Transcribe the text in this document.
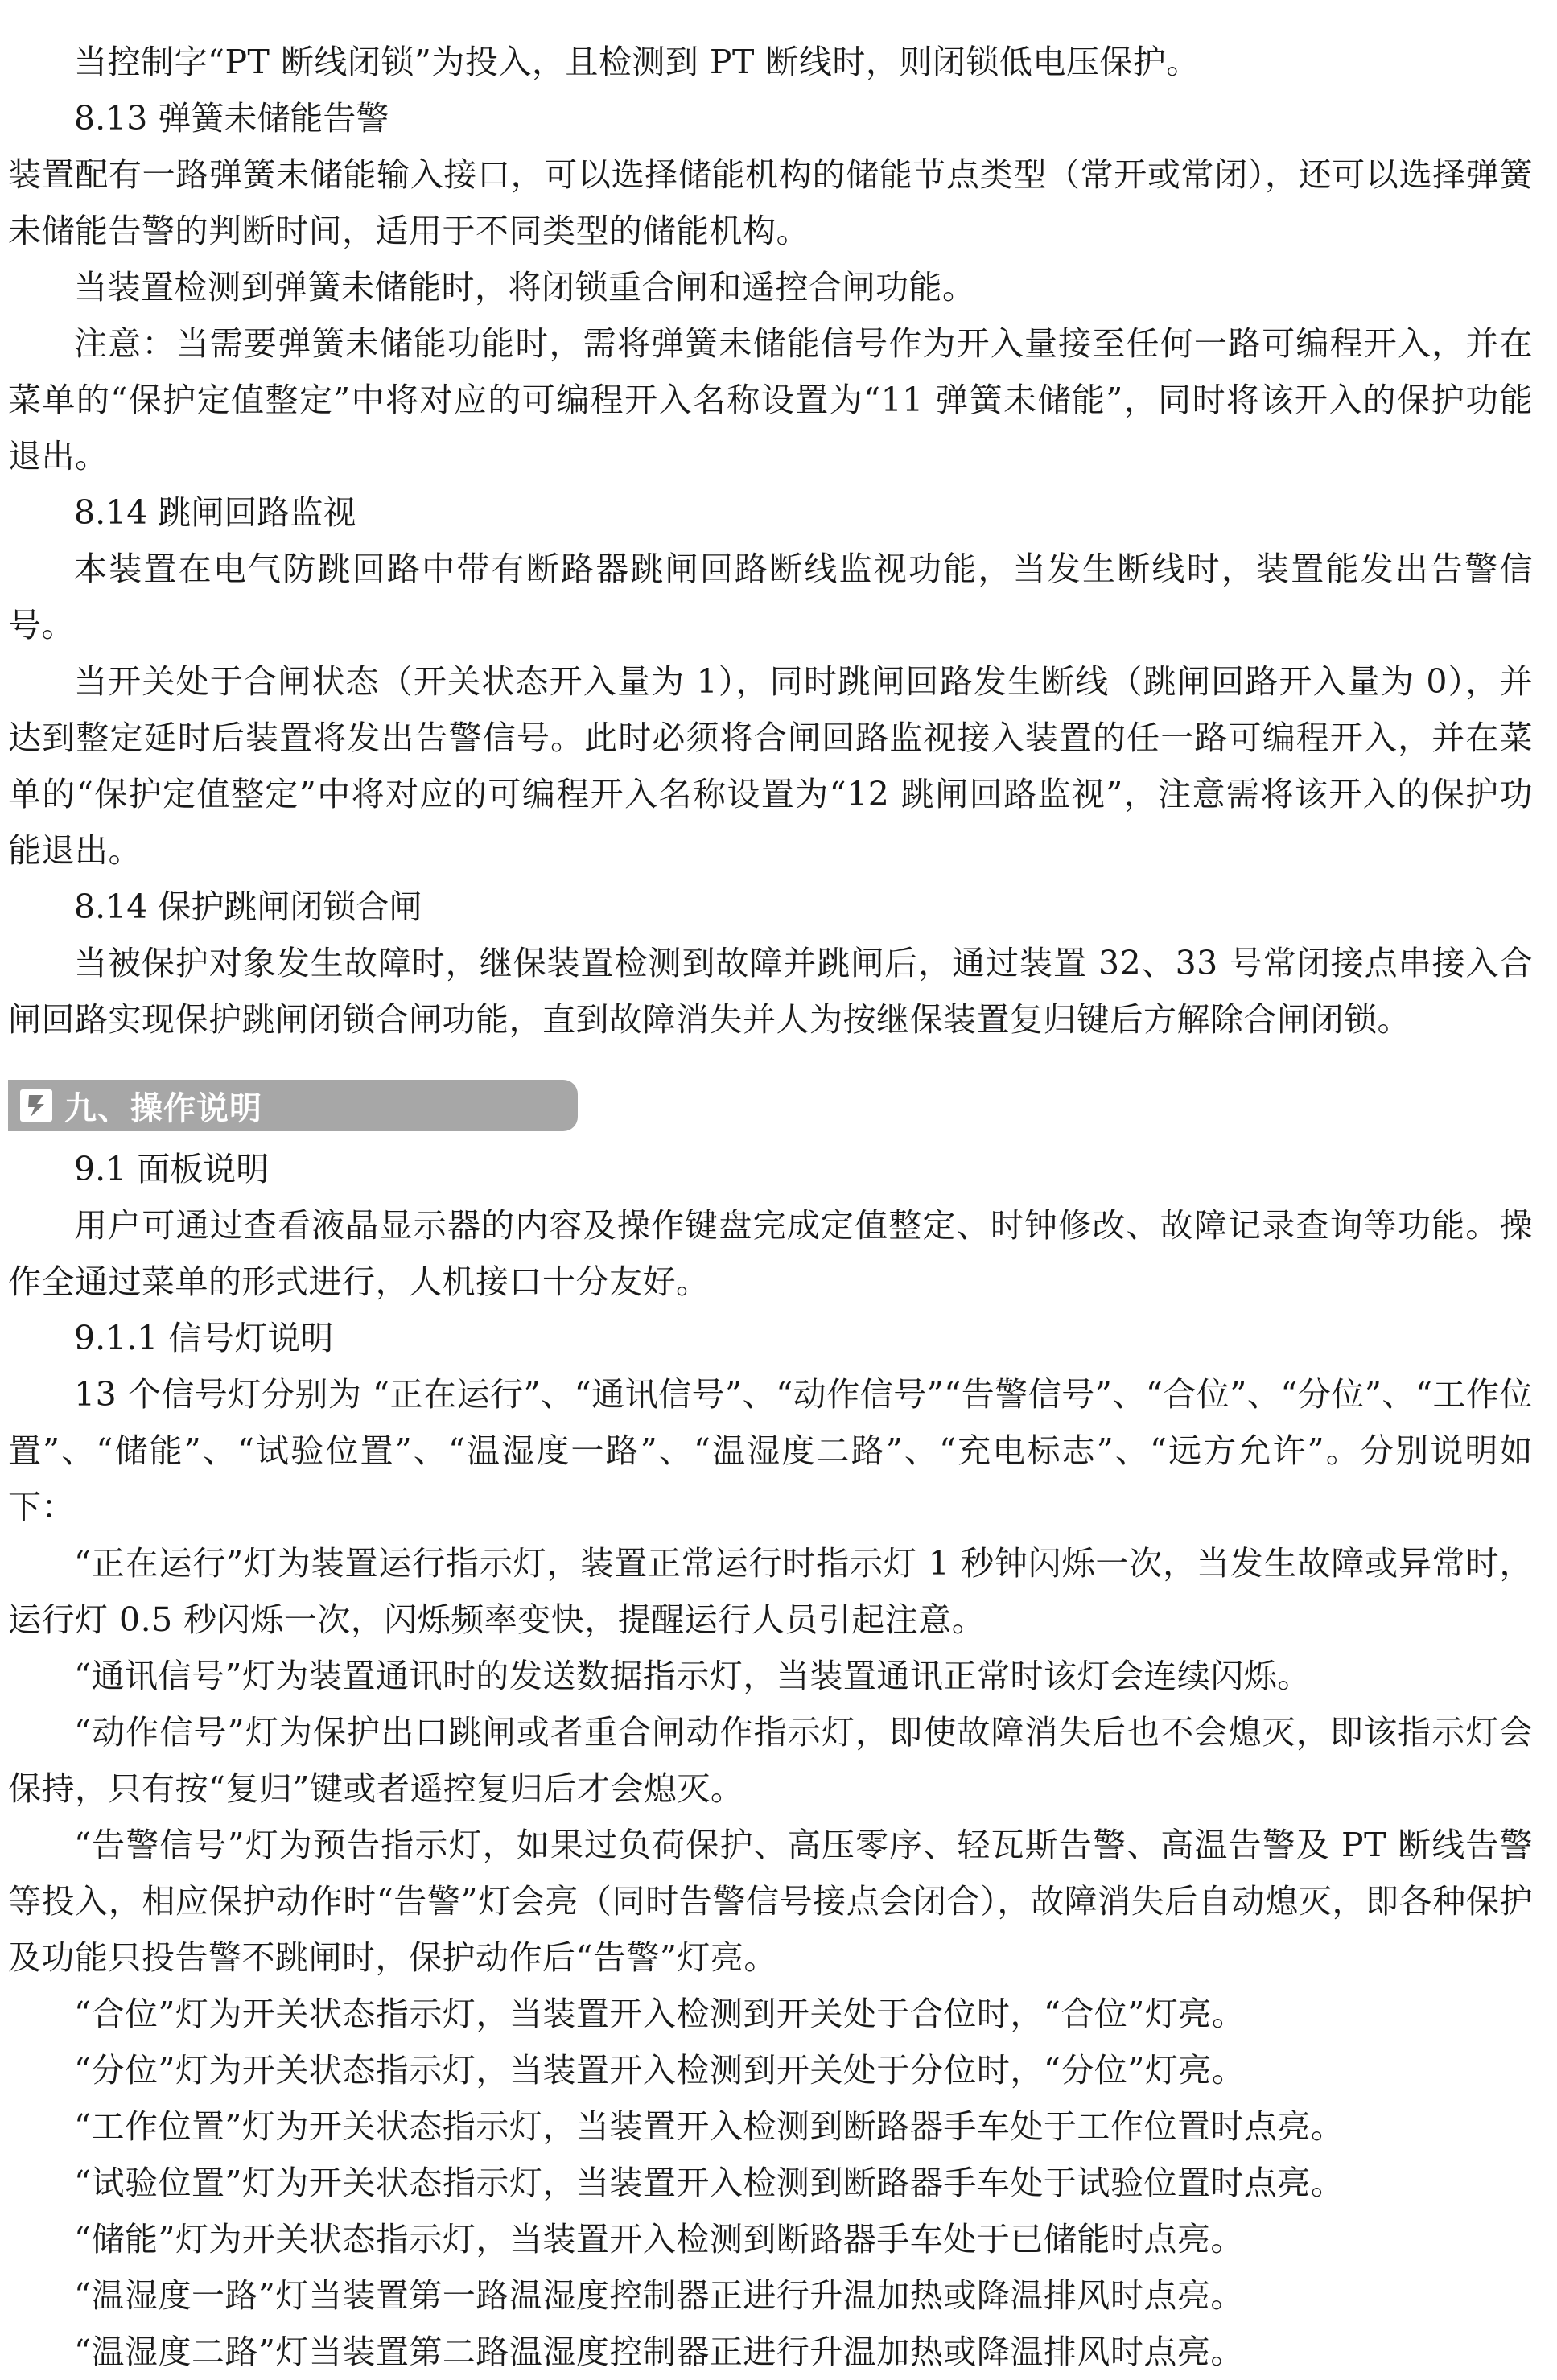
当控制字“PT 断线闭锁”为投入，且检测到 PT 断线时，则闭锁低电压保护。

8.13 弹簧未储能告警

装置配有一路弹簧未储能输入接口，可以选择储能机构的储能节点类型（常开或常闭），还可以选择弹簧未储能告警的判断时间，适用于不同类型的储能机构。

当装置检测到弹簧未储能时，将闭锁重合闸和遥控合闸功能。

注意：当需要弹簧未储能功能时，需将弹簧未储能信号作为开入量接至任何一路可编程开入，并在菜单的“保护定值整定”中将对应的可编程开入名称设置为“11 弹簧未储能”，同时将该开入的保护功能退出。

8.14 跳闸回路监视

本装置在电气防跳回路中带有断路器跳闸回路断线监视功能，当发生断线时，装置能发出告警信号。

当开关处于合闸状态（开关状态开入量为 1），同时跳闸回路发生断线（跳闸回路开入量为 0），并达到整定延时后装置将发出告警信号。此时必须将合闸回路监视接入装置的任一路可编程开入，并在菜单的“保护定值整定”中将对应的可编程开入名称设置为“12 跳闸回路监视”，注意需将该开入的保护功能退出。

8.14 保护跳闸闭锁合闸

当被保护对象发生故障时，继保装置检测到故障并跳闸后，通过装置 32、33 号常闭接点串接入合闸回路实现保护跳闸闭锁合闸功能，直到故障消失并人为按继保装置复归键后方解除合闸闭锁。

九、操作说明

9.1 面板说明

用户可通过查看液晶显示器的内容及操作键盘完成定值整定、时钟修改、故障记录查询等功能。操作全通过菜单的形式进行，人机接口十分友好。

9.1.1 信号灯说明

13 个信号灯分别为 “正在运行”、“通讯信号”、“动作信号”“告警信号”、“合位”、“分位”、“工作位置”、“储能”、“试验位置”、“温湿度一路”、“温湿度二路”、“充电标志”、“远方允许”。分别说明如下：

“正在运行”灯为装置运行指示灯，装置正常运行时指示灯 1 秒钟闪烁一次，当发生故障或异常时，运行灯 0.5 秒闪烁一次，闪烁频率变快，提醒运行人员引起注意。

“通讯信号”灯为装置通讯时的发送数据指示灯，当装置通讯正常时该灯会连续闪烁。

“动作信号”灯为保护出口跳闸或者重合闸动作指示灯，即使故障消失后也不会熄灭，即该指示灯会保持，只有按“复归”键或者遥控复归后才会熄灭。

“告警信号”灯为预告指示灯，如果过负荷保护、高压零序、轻瓦斯告警、高温告警及 PT 断线告警等投入，相应保护动作时“告警”灯会亮（同时告警信号接点会闭合），故障消失后自动熄灭，即各种保护及功能只投告警不跳闸时，保护动作后“告警”灯亮。

“合位”灯为开关状态指示灯，当装置开入检测到开关处于合位时，“合位”灯亮。

“分位”灯为开关状态指示灯，当装置开入检测到开关处于分位时，“分位”灯亮。

“工作位置”灯为开关状态指示灯，当装置开入检测到断路器手车处于工作位置时点亮。

“试验位置”灯为开关状态指示灯，当装置开入检测到断路器手车处于试验位置时点亮。

“储能”灯为开关状态指示灯，当装置开入检测到断路器手车处于已储能时点亮。

“温湿度一路”灯当装置第一路温湿度控制器正进行升温加热或降温排风时点亮。

“温湿度二路”灯当装置第二路温湿度控制器正进行升温加热或降温排风时点亮。
